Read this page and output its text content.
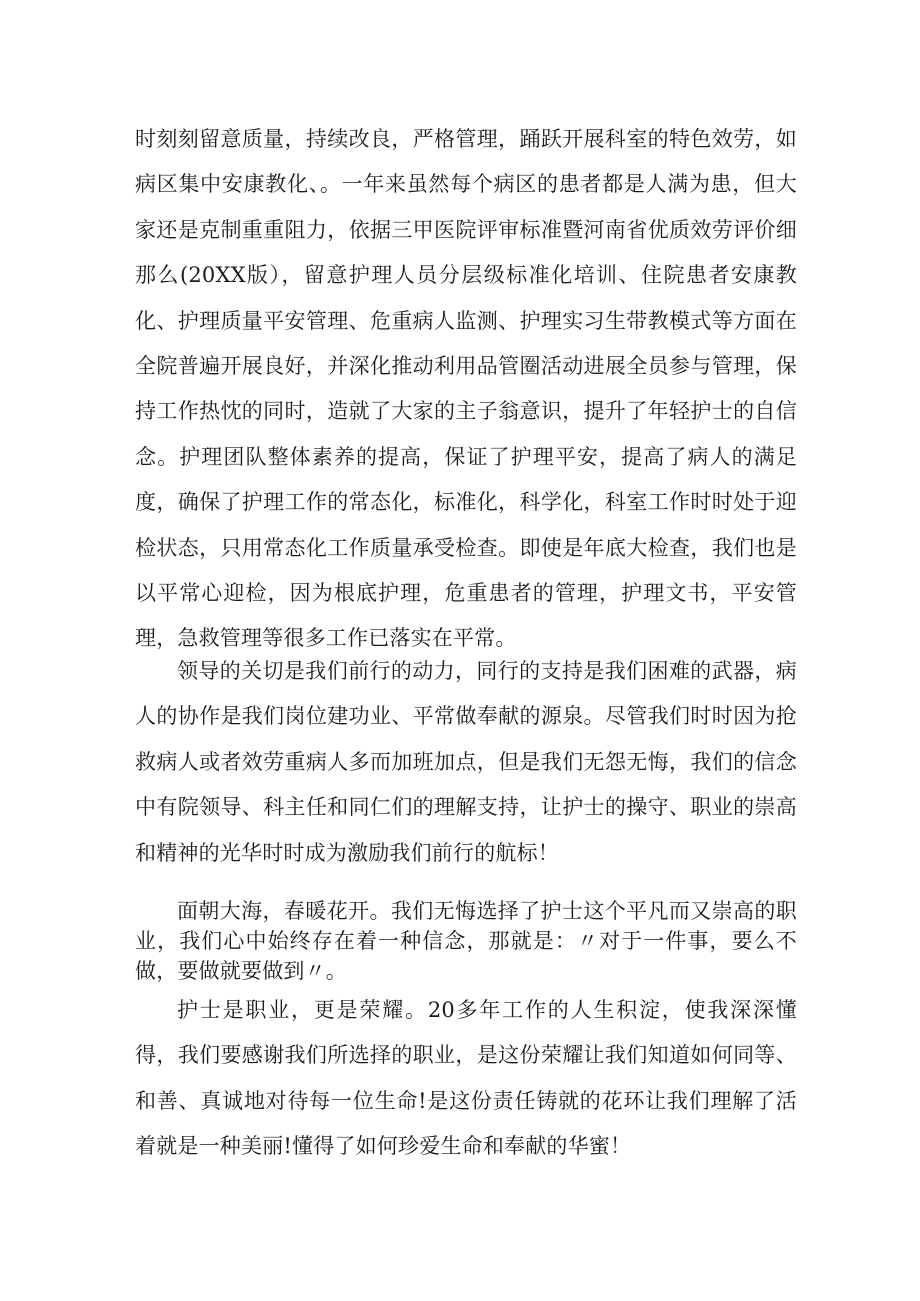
时刻刻留意质量，持续改良，严格管理，踊跃开展科室的特色效劳，如病区集中安康教化、。一年来虽然每个病区的患者都是人满为患，但大家还是克制重重阻力，依据三甲医院评审标准暨河南省优质效劳评价细那么(20XX版），留意护理人员分层级标准化培训、住院患者安康教化、护理质量平安管理、危重病人监测、护理实习生带教模式等方面在全院普遍开展良好，并深化推动利用品管圈活动进展全员参与管理，保持工作热忱的同时，造就了大家的主子翁意识，提升了年轻护士的自信念。护理团队整体素养的提高，保证了护理平安，提高了病人的满足度，确保了护理工作的常态化，标准化，科学化，科室工作时时处于迎检状态，只用常态化工作质量承受检查。即使是年底大检查，我们也是以平常心迎检，因为根底护理，危重患者的管理，护理文书，平安管理，急救管理等很多工作已落实在平常。

领导的关切是我们前行的动力，同行的支持是我们困难的武器，病人的协作是我们岗位建功业、平常做奉献的源泉。尽管我们时时因为抢救病人或者效劳重病人多而加班加点，但是我们无怨无悔，我们的信念中有院领导、科主任和同仁们的理解支持，让护士的操守、职业的崇高和精神的光华时时成为激励我们前行的航标！

面朝大海，春暖花开。我们无悔选择了护士这个平凡而又崇高的职业，我们心中始终存在着一种信念，那就是：〃对于一件事，要么不做，要做就要做到〃。

护士是职业，更是荣耀。20多年工作的人生积淀，使我深深懂得，我们要感谢我们所选择的职业，是这份荣耀让我们知道如何同等、和善、真诚地对待每一位生命!是这份责任铸就的花环让我们理解了活着就是一种美丽!懂得了如何珍爱生命和奉献的华蜜！
